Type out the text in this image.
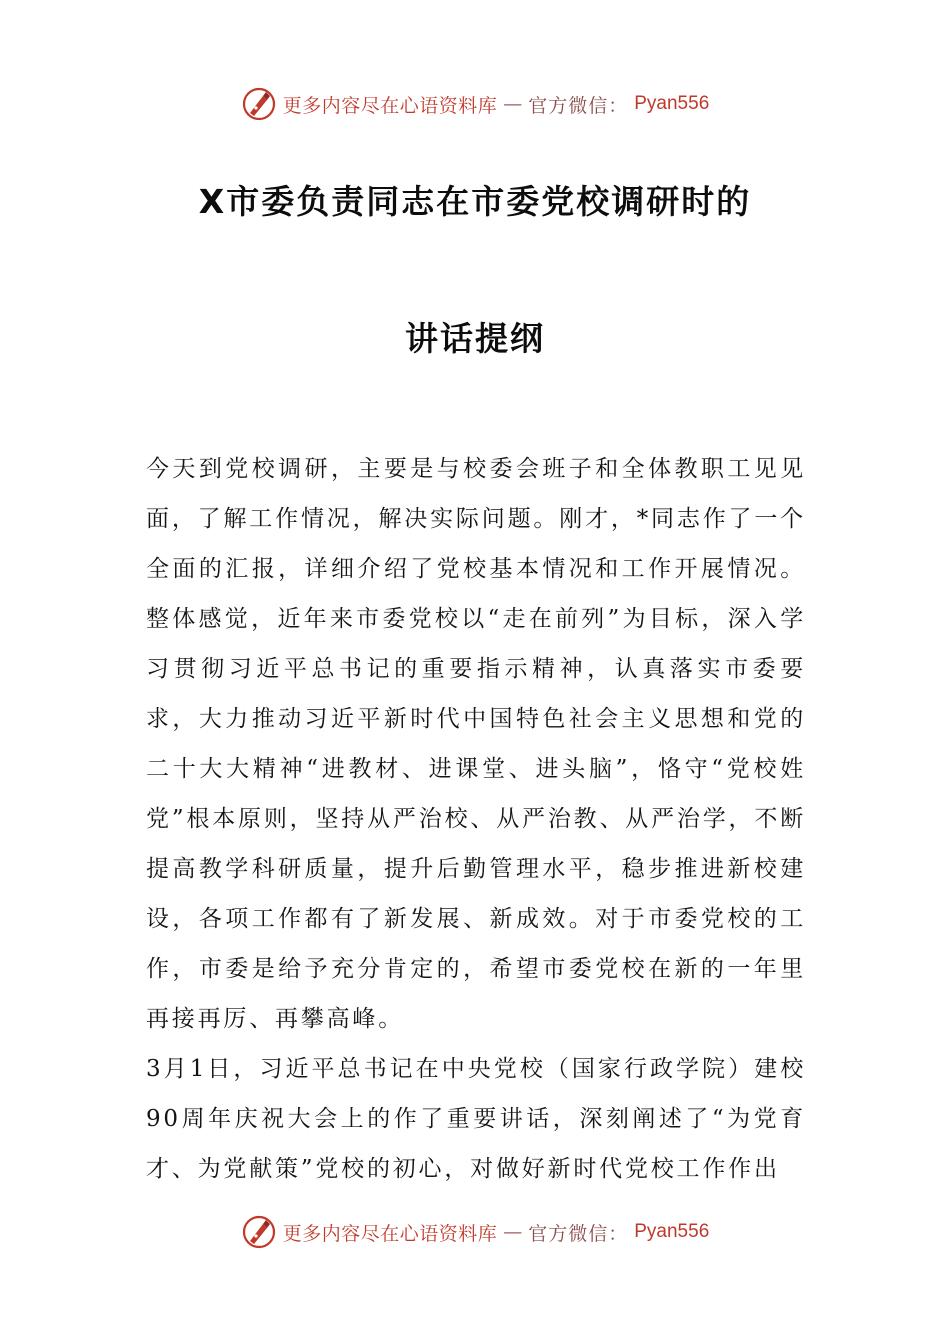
更多内容尽在心语资料库 — 官方微信： Pyan556
X市委负责同志在市委党校调研时的
讲话提纲

今天到党校调研，主要是与校委会班子和全体教职工见见面，了解工作情况，解决实际问题。刚才，*同志作了一个全面的汇报，详细介绍了党校基本情况和工作开展情况。整体感觉，近年来市委党校以“走在前列”为目标，深入学习贯彻习近平总书记的重要指示精神，认真落实市委要求，大力推动习近平新时代中国特色社会主义思想和党的二十大大精神“进教材、进课堂、进头脑”，恪守“党校姓党”根本原则，坚持从严治校、从严治教、从严治学，不断提高教学科研质量，提升后勤管理水平，稳步推进新校建设，各项工作都有了新发展、新成效。对于市委党校的工作，市委是给予充分肯定的，希望市委党校在新的一年里再接再厉、再攀高峰。

3月1日，习近平总书记在中央党校（国家行政学院）建校90周年庆祝大会上的作了重要讲话，深刻阐述了“为党育才、为党献策”党校的初心，对做好新时代党校工作作出

更多内容尽在心语资料库 — 官方微信： Pyan556
